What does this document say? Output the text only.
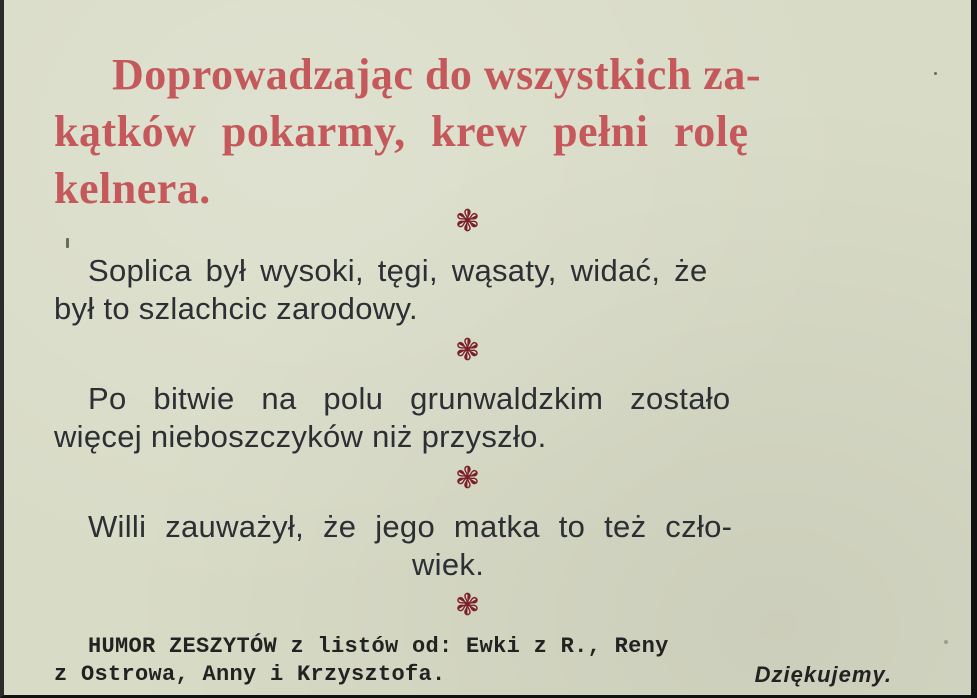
Doprowadzając do wszystkich za-
kątków pokarmy, krew pełni rolę
kelnera.
❃

Soplica był wysoki, tęgi, wąsaty, widać, że
był to szlachcic zarodowy.

❃

Po bitwie na polu grunwaldzkim zostało
więcej nieboszczyków niż przyszło.

❃

Willi zauważył, że jego matka to też czło-
wiek.

❃

HUMOR ZESZYTÓW z listów od: Ewki z R., Reny
z Ostrowa, Anny i Krzysztofa.	Dziękujemy.
